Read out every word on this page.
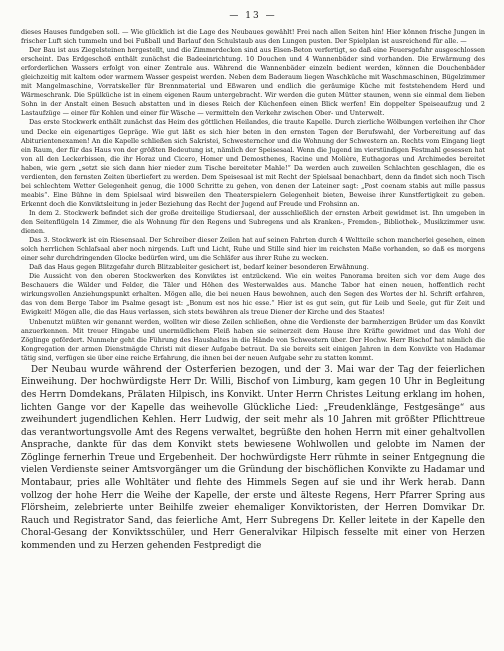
— 13 —

dieses Hauses fundgeben soll. — Wie glücklich ist die Lage des Neubaues gewählt! Frei nach allen Seiten hin! Hier können frische Jungen in frischer Luft sich tummeln und bei Fußball und Barlauf den Schulstaub aus den Lungen pusten. Der Spielplan ist ausreichend für alle. —

Der Bau ist aus Ziegelsteinen hergestellt, und die Zimmerdecken sind aus Eisen-Beton verfertigt, so daß eine Feuersgefahr ausgeschlossen erscheint. Das Erdgeschoß enthält zunächst die Badeeinrichtung. 10 Douchen und 4 Wannenbäder sind vorhanden. Die Erwärmung des erforderlichen Wassers erfolgt von einer Zentrale aus. Während die Wannenbäder einzeln bedient werden, können die Douchenbäder gleichzeitig mit kaltem oder warmem Wasser gespeist werden. Neben dem Baderaum liegen Waschküche mit Waschmaschinen, Bügelzimmer mit Mangelmaschine, Vorratskeller für Brennmaterial und Eßwaren und endlich die geräumige Küche mit feststehendem Herd und Wärmeschrank. Die Spülküche ist in einem eigenen Raum untergebracht. Wir werden die guten Mütter staunen, wenn sie einmal dem lieben Sohn in der Anstalt einen Besuch abstatten und in dieses Reich der Küchenfeen einen Blick werfen! Ein doppelter Speiseaufzug und 2 Lastaufzüge — einer für Kohlen und einer für Wäsche — vermitteln den Verkehr zwischen Ober- und Unterwelt.

Das erste Stockwerk enthält zunächst das Heim des göttlichen Heilandes, die traute Kapelle. Durch zierliche Wölbungen verleihen ihr Chor und Decke ein eigenartiges Gepräge. Wie gut läßt es sich hier beten in den ernsten Tagen der Berufswahl, der Vorbereitung auf das Abiturientenexamen! An die Kapelle schließen sich Sakristei, Schwesternchor und die Wohnung der Schwestern an. Rechts vom Eingang liegt ein Raum, der für das Haus von der größten Bedeutung ist, nämlich der Speisesaal. Wenn die Jugend im vierstündigen Festmahl gesessen hat von all den Leckerbissen, die ihr Horaz und Cicero, Homer und Demosthenes, Racine und Molière, Euthagoras und Archimedes bereitet haben, wie gern „setzt sie sich dann hier nieder zum Tische bereiteter Mahle!“ Da werden auch zuweilen Schlachten geschlagen, die es verdienten, den fernsten Zeiten überliefert zu werden. Dem Speisesaal ist mit Recht der Spielsaal benachbart, denn da findet sich noch Tisch bei schlechtem Wetter Gelegenheit genug, die 1000 Schritte zu gehen, von denen der Lateiner sagt: „Post coenam stabis aut mille passus meabis“. Eine Bühne in dem Spielsaal wird bisweilen den Theaterspielern Gelegenheit bieten, Beweise ihrer Kunstfertigkeit zu geben. Erkennt doch die Konviktsleitung in jeder Beziehung das Recht der Jugend auf Freude und Frohsinn an.

In dem 2. Stockwerk befindet sich der große dreiteilige Studiersaal, der ausschließlich der ernsten Arbeit gewidmet ist. Ihn umgeben in den Seitenflügeln 14 Zimmer, die als Wohnung für den Regens und Subregens und als Kranken-, Fremden-, Bibliothek-, Musikzimmer usw. dienen.

Das 3. Stockwerk ist ein Riesensaal. Der Schreiber dieser Zeilen hat auf seinen Fahrten durch 4 Weltteile schon mancherlei gesehen, einen solch herrlichen Schlafsaal aber noch nirgends. Luft und Licht, Ruhe und Stille sind hier im reichsten Maße vorhanden, so daß es morgens einer sehr durchdringenden Glocke bedürfen wird, um die Schläfer aus ihrer Ruhe zu wecken.

Daß das Haus gegen Blitzgefahr durch Blitzableiter gesichert ist, bedarf keiner besonderen Erwähnung.

Die Aussicht von den oberen Stockwerken des Konviktes ist entzückend. Wie ein weites Panorama breiten sich vor dem Auge des Beschauers die Wälder und Felder, die Täler und Höhen des Westerwaldes aus. Manche Tabor hat einen neuen, hoffentlich recht wirkungsvollen Anziehungspunkt erhalten. Mögen alle, die bei neuen Haus bewohnen, auch den Segen des Wortes der hl. Schrift erfahren, das von dem Berge Tabor im Psalme gesagt ist: „Bonum est nos hic esse.“ Hier ist es gut sein, gut für Leib und Seele, gut für Zeit und Ewigkeit! Mögen alle, die das Haus verlassen, sich stets bewähren als treue Diener der Kirche und des Staates!

Unbenutzt müßten wir genannt werden, wollten wir diese Zeilen schließen, ohne die Verdienste der barmherzigen Brüder um das Konvikt anzuerkennen. Mit treuer Hingabe und unermüdlichem Fleiß haben sie seinerzeit dem Hause ihre Kräfte gewidmet und das Wohl der Zöglinge gefördert. Nunmehr geht die Führung des Haushaltes in die Hände von Schwestern über. Der Hochw. Herr Bischof hat nämlich die Kongregation der armen Dienstmägde Christi mit dieser Aufgabe betraut. Da sie bereits seit einigen Jahren in dem Konvikte von Hadamar tätig sind, verfügen sie über eine reiche Erfahrung, die ihnen bei der neuen Aufgabe sehr zu statten kommt.

Der Neubau wurde während der Osterferien bezogen, und der 3. Mai war der Tag der feierlichen Einweihung. Der hochwürdigste Herr Dr. Willi, Bischof von Limburg, kam gegen 10 Uhr in Begleitung des Herrn Domdekans, Prälaten Hilpisch, ins Konvikt. Unter Herrn Christes Leitung erklang im hohen, lichten Gange vor der Kapelle das weihevolle Glückliche Lied: „Freudenklänge, Festgesänge“ aus zweihundert jugendlichen Kehlen. Herr Ludwig, der seit mehr als 10 Jahren mit größter Pflichttreue das verantwortungsvolle Amt des Regens verwaltet, begrüßte den hohen Herrn mit einer gehaltvollen Ansprache, dankte für das dem Konvikt stets bewiesene Wohlwollen und gelobte im Namen der Zöglinge fernerhin Treue und Ergebenheit. Der hochwürdigste Herr rühmte in seiner Entgegnung die vielen Verdienste seiner Amtsvorgänger um die Gründung der bischöflichen Konvikte zu Hadamar und Montabaur, pries alle Wohltäter und flehte des Himmels Segen auf sie und ihr Werk herab. Dann vollzog der hohe Herr die Weihe der Kapelle, der erste und älteste Regens, Herr Pfarrer Spring aus Flörsheim, zelebrierte unter Beihilfe zweier ehemaliger Konviktoristen, der Herren Domvikar Dr. Rauch und Registrator Sand, das feierliche Amt, Herr Subregens Dr. Keller leitete in der Kapelle den Choral-Gesang der Konviktsschüler, und Herr Generalvikar Hilpisch fesselte mit einer von Herzen kommenden und zu Herzen gehenden Festpredigt die
